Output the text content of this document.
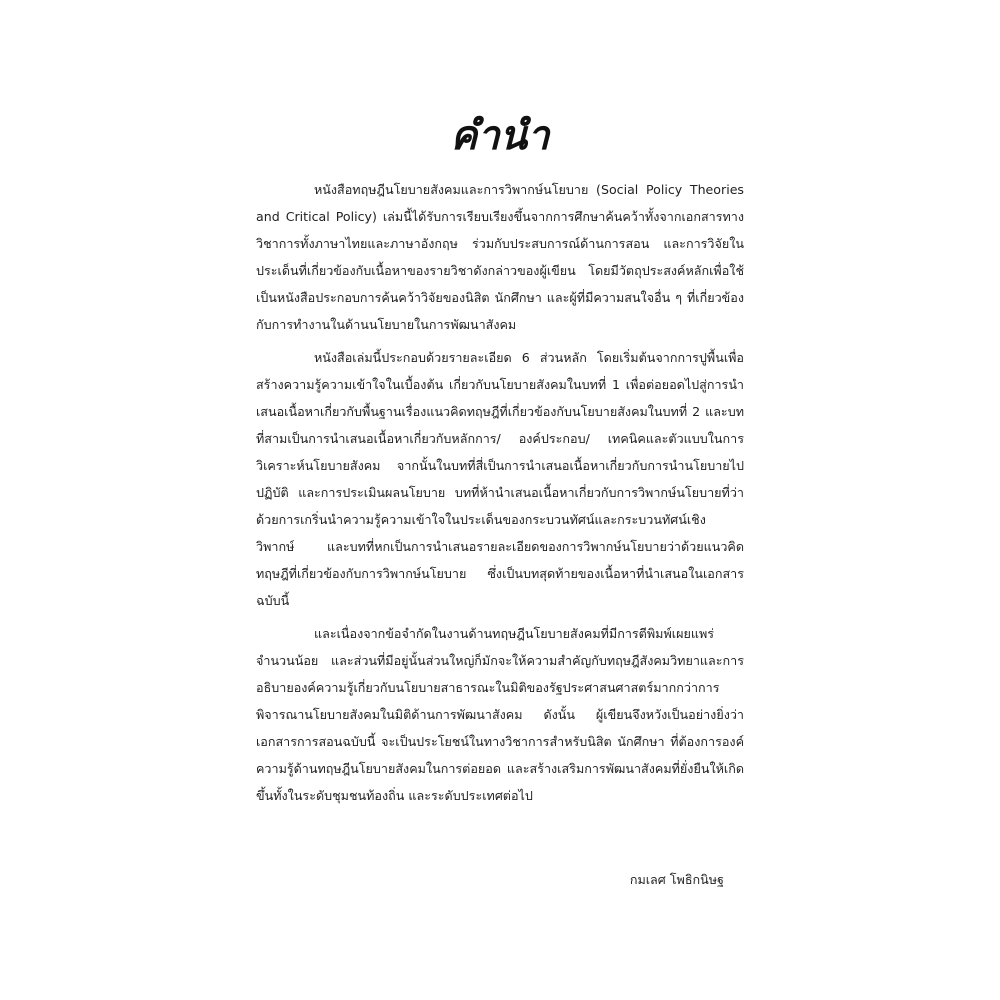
คำนำ

หนังสือทฤษฎีนโยบายสังคมและการวิพากษ์นโยบาย (Social Policy Theories and Critical Policy) เล่มนี้ได้รับการเรียบเรียงขึ้นจากการศึกษาค้นคว้าทั้งจากเอกสารทางวิชาการทั้งภาษาไทยและภาษาอังกฤษ ร่วมกับประสบการณ์ด้านการสอน และการวิจัยในประเด็นที่เกี่ยวข้องกับเนื้อหาของรายวิชาดังกล่าวของผู้เขียน โดยมีวัตถุประสงค์หลักเพื่อใช้เป็นหนังสือประกอบการค้นคว้าวิจัยของนิสิต นักศึกษา และผู้ที่มีความสนใจอื่น ๆ ที่เกี่ยวข้องกับการทำงานในด้านนโยบายในการพัฒนาสังคม

หนังสือเล่มนี้ประกอบด้วยรายละเอียด 6 ส่วนหลัก โดยเริ่มต้นจากการปูพื้นเพื่อสร้างความรู้ความเข้าใจในเบื้องต้น เกี่ยวกับนโยบายสังคมในบทที่ 1 เพื่อต่อยอดไปสู่การนำเสนอเนื้อหาเกี่ยวกับพื้นฐานเรื่องแนวคิดทฤษฎีที่เกี่ยวข้องกับนโยบายสังคมในบทที่ 2 และบทที่สามเป็นการนำเสนอเนื้อหาเกี่ยวกับหลักการ/ องค์ประกอบ/ เทคนิคและตัวแบบในการวิเคราะห์นโยบายสังคม จากนั้นในบทที่สี่เป็นการนำเสนอเนื้อหาเกี่ยวกับการนำนโยบายไปปฏิบัติ และการประเมินผลนโยบาย บทที่ห้านำเสนอเนื้อหาเกี่ยวกับการวิพากษ์นโยบายที่ว่าด้วยการเกริ่นนำความรู้ความเข้าใจในประเด็นของกระบวนทัศน์และกระบวนทัศน์เชิงวิพากษ์ และบทที่หกเป็นการนำเสนอรายละเอียดของการวิพากษ์นโยบายว่าด้วยแนวคิดทฤษฎีที่เกี่ยวข้องกับการวิพากษ์นโยบาย ซึ่งเป็นบทสุดท้ายของเนื้อหาที่นำเสนอในเอกสารฉบับนี้

และเนื่องจากข้อจำกัดในงานด้านทฤษฎีนโยบายสังคมที่มีการตีพิมพ์เผยแพร่จำนวนน้อย และส่วนที่มีอยู่นั้นส่วนใหญ่ก็มักจะให้ความสำคัญกับทฤษฎีสังคมวิทยาและการอธิบายองค์ความรู้เกี่ยวกับนโยบายสาธารณะในมิติของรัฐประศาสนศาสตร์มากกว่าการพิจารณานโยบายสังคมในมิติด้านการพัฒนาสังคม ดังนั้น ผู้เขียนจึงหวังเป็นอย่างยิ่งว่าเอกสารการสอนฉบับนี้ จะเป็นประโยชน์ในทางวิชาการสำหรับนิสิต นักศึกษา ที่ต้องการองค์ความรู้ด้านทฤษฎีนโยบายสังคมในการต่อยอด และสร้างเสริมการพัฒนาสังคมที่ยั่งยืนให้เกิดขึ้นทั้งในระดับชุมชนท้องถิ่น และระดับประเทศต่อไป

กมเลศ โพธิกนิษฐ
